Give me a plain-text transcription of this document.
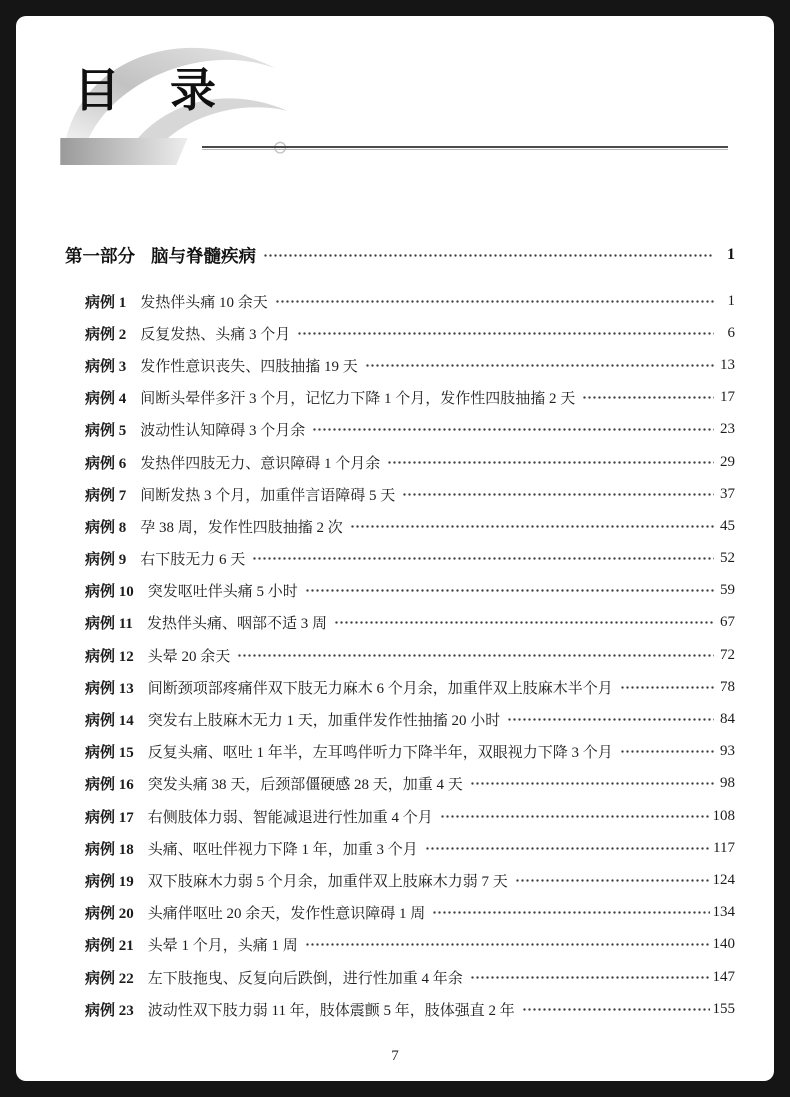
目　录
第一部分 脑与脊髓疾病	1
病例 1 发热伴头痛 10 余天	1
病例 2 反复发热、头痛 3 个月	6
病例 3 发作性意识丧失、四肢抽搐 19 天	13
病例 4 间断头晕伴多汗 3 个月，记忆力下降 1 个月，发作性四肢抽搐 2 天	17
病例 5 波动性认知障碍 3 个月余	23
病例 6 发热伴四肢无力、意识障碍 1 个月余	29
病例 7 间断发热 3 个月，加重伴言语障碍 5 天	37
病例 8 孕 38 周，发作性四肢抽搐 2 次	45
病例 9 右下肢无力 6 天	52
病例 10 突发呕吐伴头痛 5 小时	59
病例 11 发热伴头痛、咽部不适 3 周	67
病例 12 头晕 20 余天	72
病例 13 间断颈项部疼痛伴双下肢无力麻木 6 个月余，加重伴双上肢麻木半个月	78
病例 14 突发右上肢麻木无力 1 天，加重伴发作性抽搐 20 小时	84
病例 15 反复头痛、呕吐 1 年半，左耳鸣伴听力下降半年，双眼视力下降 3 个月	93
病例 16 突发头痛 38 天，后颈部僵硬感 28 天，加重 4 天	98
病例 17 右侧肢体力弱、智能减退进行性加重 4 个月	108
病例 18 头痛、呕吐伴视力下降 1 年，加重 3 个月	117
病例 19 双下肢麻木力弱 5 个月余，加重伴双上肢麻木力弱 7 天	124
病例 20 头痛伴呕吐 20 余天，发作性意识障碍 1 周	134
病例 21 头晕 1 个月，头痛 1 周	140
病例 22 左下肢拖曳、反复向后跌倒，进行性加重 4 年余	147
病例 23 波动性双下肢力弱 11 年，肢体震颤 5 年，肢体强直 2 年	155
7
